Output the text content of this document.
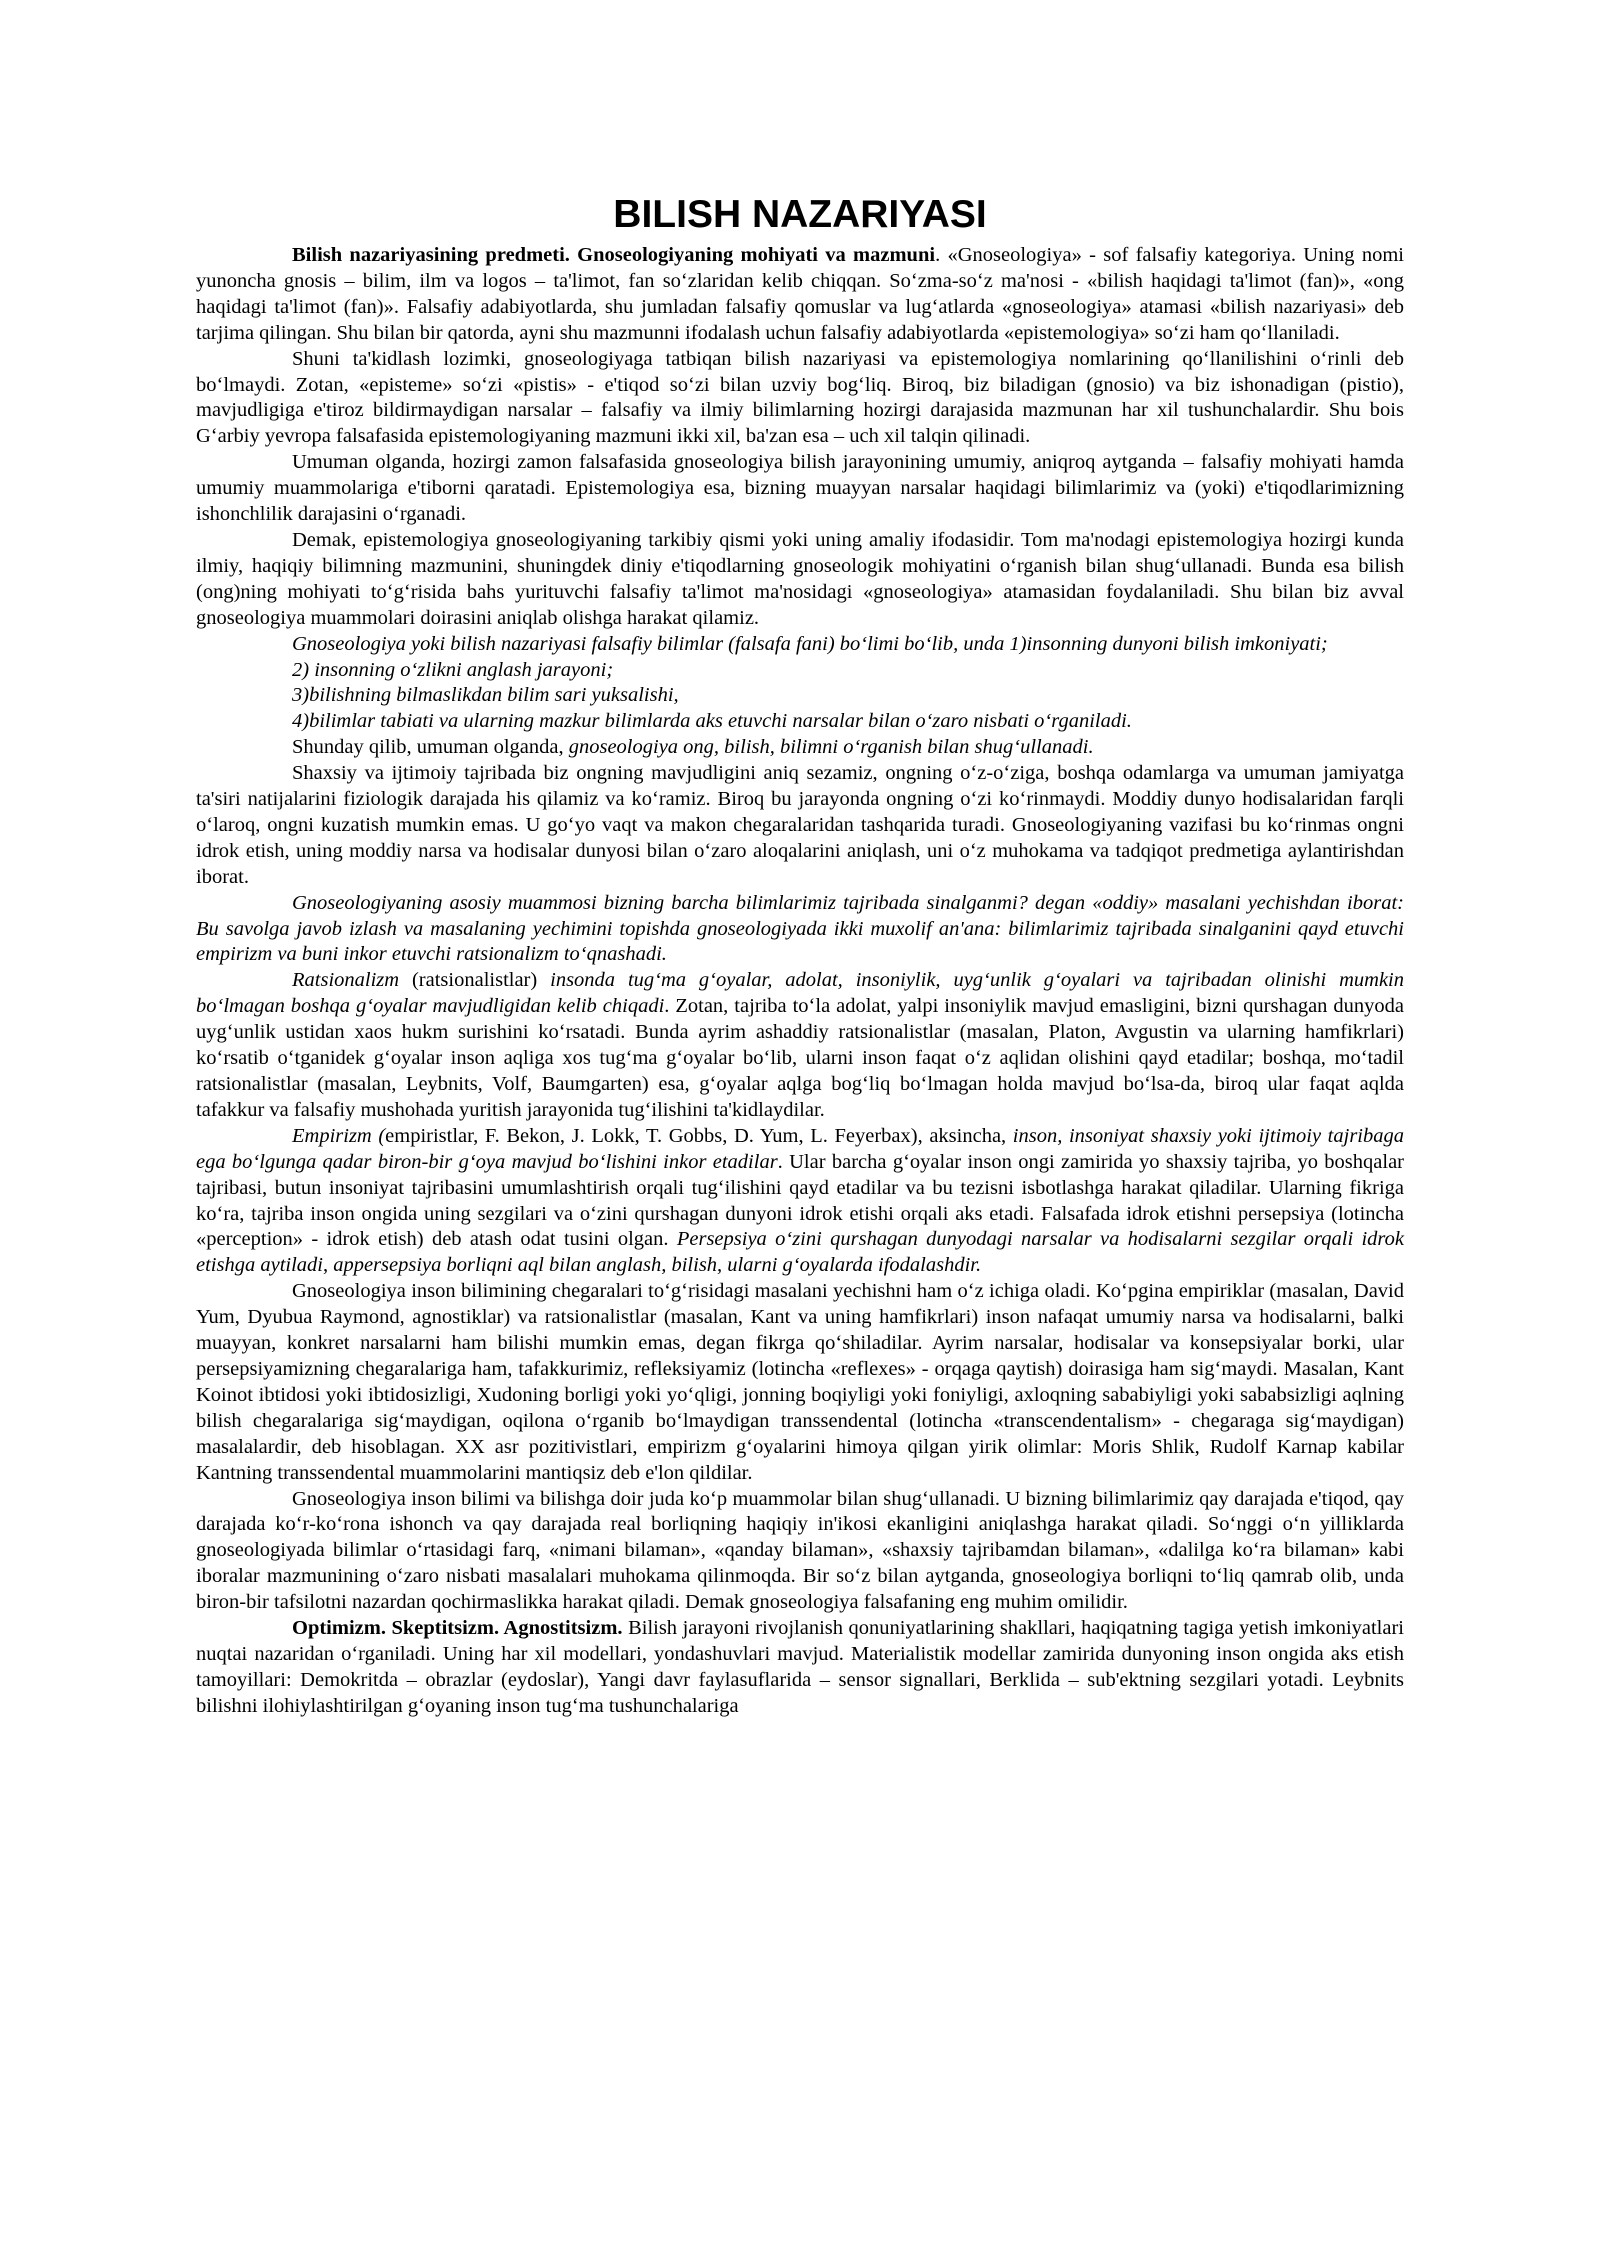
BILISH NAZARIYASI

Bilish nazariyasining predmeti. Gnoseologiyaning mohiyati va mazmuni. «Gnoseologiya» - sof falsafiy kategoriya. Uning nomi yunoncha gnosis – bilim, ilm va logos – ta'limot, fan so‘zlaridan kelib chiqqan. So‘zma-so‘z ma'nosi - «bilish haqidagi ta'limot (fan)», «ong haqidagi ta'limot (fan)». Falsafiy adabiyotlarda, shu jumladan falsafiy qomuslar va lug‘atlarda «gnoseologiya» atamasi «bilish nazariyasi» deb tarjima qilingan. Shu bilan bir qatorda, ayni shu mazmunni ifodalash uchun falsafiy adabiyotlarda «epistemologiya» so‘zi ham qo‘llaniladi.

Shuni ta'kidlash lozimki, gnoseologiyaga tatbiqan bilish nazariyasi va epistemologiya nomlarining qo‘llanilishini o‘rinli deb bo‘lmaydi. Zotan, «episteme» so‘zi «pistis» - e'tiqod so‘zi bilan uzviy bog‘liq. Biroq, biz biladigan (gnosio) va biz ishonadigan (pistio), mavjudligiga e'tiroz bildirmaydigan narsalar – falsafiy va ilmiy bilimlarning hozirgi darajasida mazmunan har xil tushunchalardir. Shu bois G‘arbiy yevropa falsafasida epistemologiyaning mazmuni ikki xil, ba'zan esa – uch xil talqin qilinadi.

Umuman olganda, hozirgi zamon falsafasida gnoseologiya bilish jarayonining umumiy, aniqroq aytganda – falsafiy mohiyati hamda umumiy muammolariga e'tiborni qaratadi. Epistemologiya esa, bizning muayyan narsalar haqidagi bilimlarimiz va (yoki) e'tiqodlarimizning ishonchlilik darajasini o‘rganadi.

Demak, epistemologiya gnoseologiyaning tarkibiy qismi yoki uning amaliy ifodasidir. Tom ma'nodagi epistemologiya hozirgi kunda ilmiy, haqiqiy bilimning mazmunini, shuningdek diniy e'tiqodlarning gnoseologik mohiyatini o‘rganish bilan shug‘ullanadi. Bunda esa bilish (ong)ning mohiyati to‘g‘risida bahs yurituvchi falsafiy ta'limot ma'nosidagi «gnoseologiya» atamasidan foydalaniladi. Shu bilan biz avval gnoseologiya muammolari doirasini aniqlab olishga harakat qilamiz.

Gnoseologiya yoki bilish nazariyasi falsafiy bilimlar (falsafa fani) bo‘limi bo‘lib, unda 1)insonning dunyoni bilish imkoniyati;

2) insonning o‘zlikni anglash jarayoni;

3)bilishning bilmaslikdan bilim sari yuksalishi,

4)bilimlar tabiati va ularning mazkur bilimlarda aks etuvchi narsalar bilan o‘zaro nisbati o‘rganiladi.

Shunday qilib, umuman olganda, gnoseologiya ong, bilish, bilimni o‘rganish bilan shug‘ullanadi.

Shaxsiy va ijtimoiy tajribada biz ongning mavjudligini aniq sezamiz, ongning o‘z-o‘ziga, boshqa odamlarga va umuman jamiyatga ta'siri natijalarini fiziologik darajada his qilamiz va ko‘ramiz. Biroq bu jarayonda ongning o‘zi ko‘rinmaydi. Moddiy dunyo hodisalaridan farqli o‘laroq, ongni kuzatish mumkin emas. U go‘yo vaqt va makon chegaralaridan tashqarida turadi. Gnoseologiyaning vazifasi bu ko‘rinmas ongni idrok etish, uning moddiy narsa va hodisalar dunyosi bilan o‘zaro aloqalarini aniqlash, uni o‘z muhokama va tadqiqot predmetiga aylantirishdan iborat.

Gnoseologiyaning asosiy muammosi bizning barcha bilimlarimiz tajribada sinalganmi? degan «oddiy» masalani yechishdan iborat: Bu savolga javob izlash va masalaning yechimini topishda gnoseologiyada ikki muxolif an'ana: bilimlarimiz tajribada sinalganini qayd etuvchi empirizm va buni inkor etuvchi ratsionalizm to‘qnashadi.

Ratsionalizm (ratsionalistlar) insonda tug‘ma g‘oyalar, adolat, insoniylik, uyg‘unlik g‘oyalari va tajribadan olinishi mumkin bo‘lmagan boshqa g‘oyalar mavjudligidan kelib chiqadi. Zotan, tajriba to‘la adolat, yalpi insoniylik mavjud emasligini, bizni qurshagan dunyoda uyg‘unlik ustidan xaos hukm surishini ko‘rsatadi. Bunda ayrim ashaddiy ratsionalistlar (masalan, Platon, Avgustin va ularning hamfikrlari) ko‘rsatib o‘tganidek g‘oyalar inson aqliga xos tug‘ma g‘oyalar bo‘lib, ularni inson faqat o‘z aqlidan olishini qayd etadilar; boshqa, mo‘tadil ratsionalistlar (masalan, Leybnits, Volf, Baumgarten) esa, g‘oyalar aqlga bog‘liq bo‘lmagan holda mavjud bo‘lsa-da, biroq ular faqat aqlda tafakkur va falsafiy mushohada yuritish jarayonida tug‘ilishini ta'kidlaydilar.

Empirizm (empiristlar, F. Bekon, J. Lokk, T. Gobbs, D. Yum, L. Feyerbax), aksincha, inson, insoniyat shaxsiy yoki ijtimoiy tajribaga ega bo‘lgunga qadar biron-bir g‘oya mavjud bo‘lishini inkor etadilar. Ular barcha g‘oyalar inson ongi zamirida yo shaxsiy tajriba, yo boshqalar tajribasi, butun insoniyat tajribasini umumlashtirish orqali tug‘ilishini qayd etadilar va bu tezisni isbotlashga harakat qiladilar. Ularning fikriga ko‘ra, tajriba inson ongida uning sezgilari va o‘zini qurshagan dunyoni idrok etishi orqali aks etadi. Falsafada idrok etishni persepsiya (lotincha «perception» - idrok etish) deb atash odat tusini olgan. Persepsiya o‘zini qurshagan dunyodagi narsalar va hodisalarni sezgilar orqali idrok etishga aytiladi, appersepsiya borliqni aql bilan anglash, bilish, ularni g‘oyalarda ifodalashdir.

Gnoseologiya inson bilimining chegaralari to‘g‘risidagi masalani yechishni ham o‘z ichiga oladi. Ko‘pgina empiriklar (masalan, David Yum, Dyubua Raymond, agnostiklar) va ratsionalistlar (masalan, Kant va uning hamfikrlari) inson nafaqat umumiy narsa va hodisalarni, balki muayyan, konkret narsalarni ham bilishi mumkin emas, degan fikrga qo‘shiladilar. Ayrim narsalar, hodisalar va konsepsiyalar borki, ular persepsiyamizning chegaralariga ham, tafakkurimiz, refleksiyamiz (lotincha «reflexes» - orqaga qaytish) doirasiga ham sig‘maydi. Masalan, Kant Koinot ibtidosi yoki ibtidosizligi, Xudoning borligi yoki yo‘qligi, jonning boqiyligi yoki foniyligi, axloqning sababiyligi yoki sababsizligi aqlning bilish chegaralariga sig‘maydigan, oqilona o‘rganib bo‘lmaydigan transsendental (lotincha «transcendentalism» - chegaraga sig‘maydigan) masalalardir, deb hisoblagan. XX asr pozitivistlari, empirizm g‘oyalarini himoya qilgan yirik olimlar: Moris Shlik, Rudolf Karnap kabilar Kantning transsendental muammolarini mantiqsiz deb e'lon qildilar.

Gnoseologiya inson bilimi va bilishga doir juda ko‘p muammolar bilan shug‘ullanadi. U bizning bilimlarimiz qay darajada e'tiqod, qay darajada ko‘r-ko‘rona ishonch va qay darajada real borliqning haqiqiy in'ikosi ekanligini aniqlashga harakat qiladi. So‘nggi o‘n yilliklarda gnoseologiyada bilimlar o‘rtasidagi farq, «nimani bilaman», «qanday bilaman», «shaxsiy tajribamdan bilaman», «dalilga ko‘ra bilaman» kabi iboralar mazmunining o‘zaro nisbati masalalari muhokama qilinmoqda. Bir so‘z bilan aytganda, gnoseologiya borliqni to‘liq qamrab olib, unda biron-bir tafsilotni nazardan qochirmaslikka harakat qiladi. Demak gnoseologiya falsafaning eng muhim omilidir.

Optimizm. Skeptitsizm. Agnostitsizm. Bilish jarayoni rivojlanish qonuniyatlarining shakllari, haqiqatning tagiga yetish imkoniyatlari nuqtai nazaridan o‘rganiladi. Uning har xil modellari, yondashuvlari mavjud. Materialistik modellar zamirida dunyoning inson ongida aks etish tamoyillari: Demokritda – obrazlar (eydoslar), Yangi davr faylasuflarida – sensor signallari, Berklida – sub'ektning sezgilari yotadi. Leybnits bilishni ilohiylashtirilgan g‘oyaning inson tug‘ma tushunchalariga
